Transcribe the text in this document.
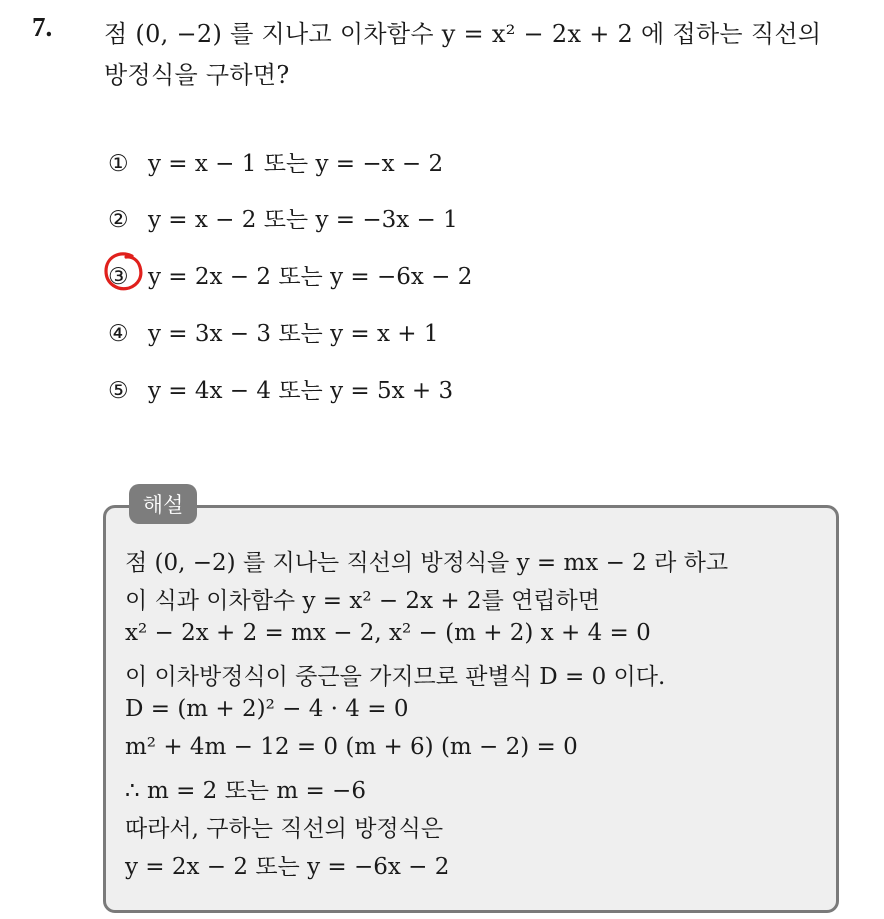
7. 점 (0, −2) 를 지나고 이차함수 y = x² − 2x + 2 에 접하는 직선의
방정식을 구하면?
① y = x − 1 또는 y = −x − 2
② y = x − 2 또는 y = −3x − 1
③ y = 2x − 2 또는 y = −6x − 2
④ y = 3x − 3 또는 y = x + 1
⑤ y = 4x − 4 또는 y = 5x + 3
해설
점 (0, −2) 를 지나는 직선의 방정식을 y = mx − 2 라 하고
이 식과 이차함수 y = x² − 2x + 2를 연립하면
x² − 2x + 2 = mx − 2, x² − (m + 2) x + 4 = 0
이 이차방정식이 중근을 가지므로 판별식 D = 0 이다.
D = (m + 2)² − 4 · 4 = 0
m² + 4m − 12 = 0 (m + 6) (m − 2) = 0
∴ m = 2 또는 m = −6
따라서, 구하는 직선의 방정식은
y = 2x − 2 또는 y = −6x − 2
